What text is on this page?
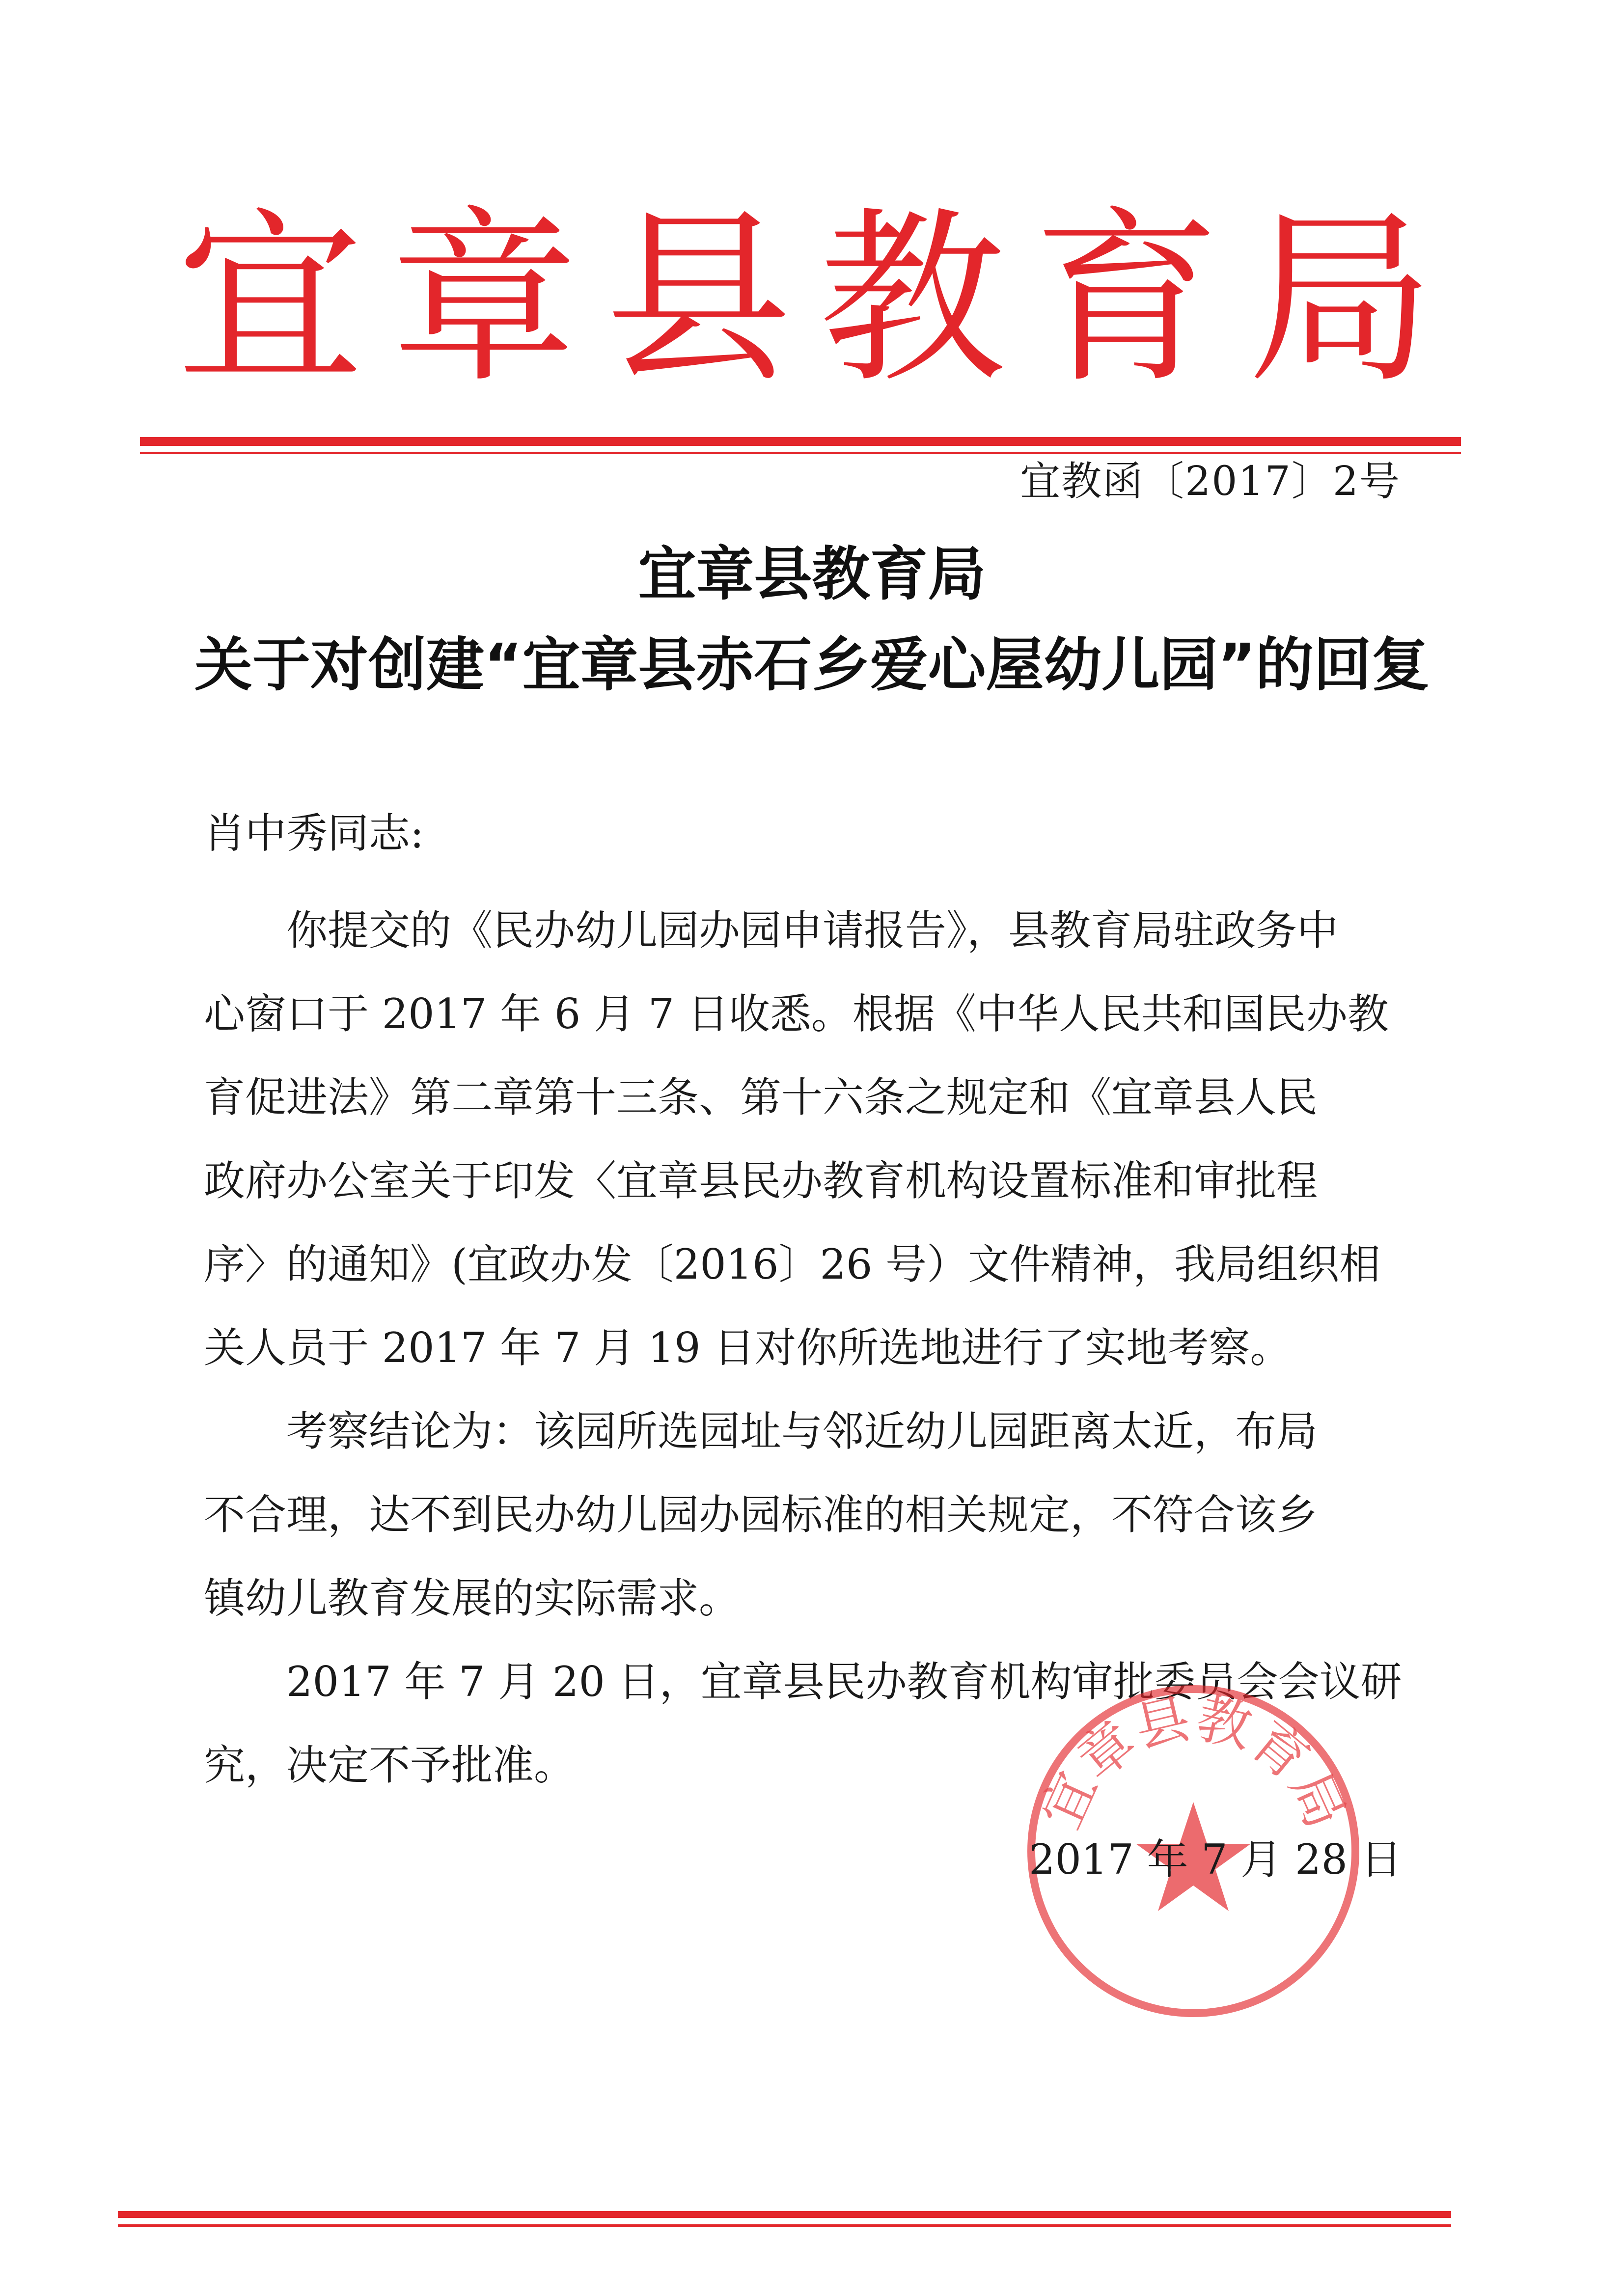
宜 章 县 教 育 局
宜教函〔2017〕2号
宜章县教育局
关于对创建“宜章县赤石乡爱心屋幼儿园”的回复
肖中秀同志:
你提交的《民办幼儿园办园申请报告》，县教育局驻政务中
心窗口于 2017 年 6 月 7 日收悉。根据《中华人民共和国民办教
育促进法》第二章第十三条、第十六条之规定和《宜章县人民
政府办公室关于印发〈宜章县民办教育机构设置标准和审批程
序〉的通知》(宜政办发〔2016〕26 号）文件精神，我局组织相
关人员于 2017 年 7 月 19 日对你所选地进行了实地考察。
考察结论为：该园所选园址与邻近幼儿园距离太近，布局
不合理，达不到民办幼儿园办园标准的相关规定，不符合该乡
镇幼儿教育发展的实际需求。
2017 年 7 月 20 日，宜章县民办教育机构审批委员会会议研
究，决定不予批准。	宜章县教育局
2017 年 7 月 28 日
